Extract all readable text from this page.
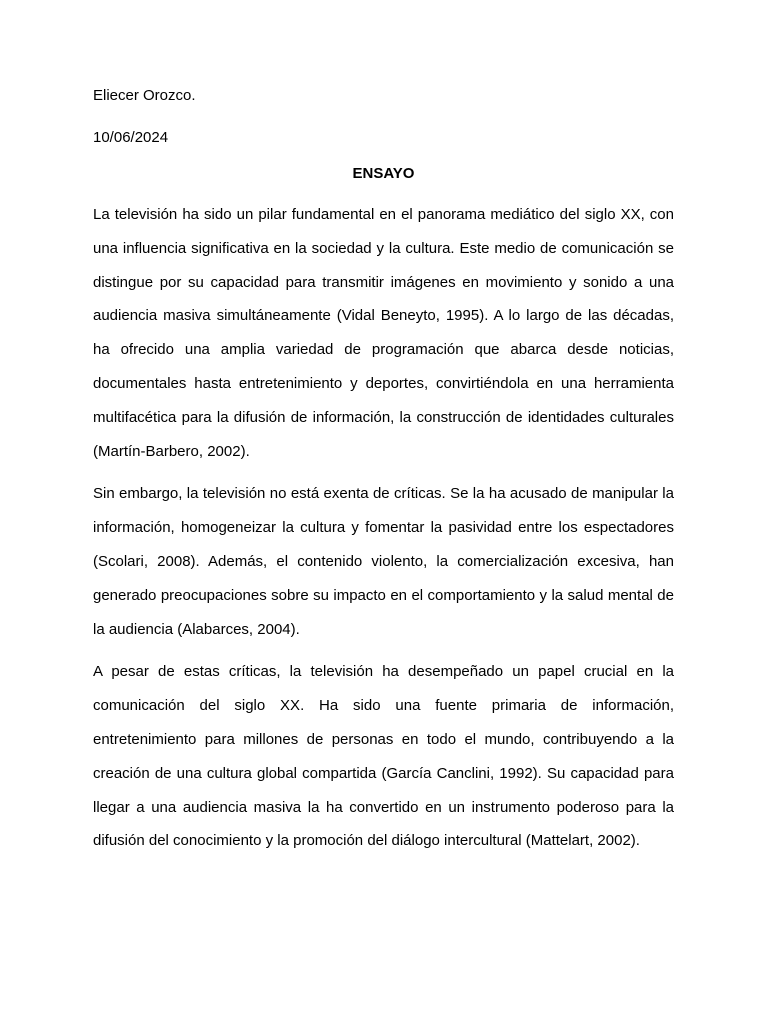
Eliecer Orozco.

10/06/2024

ENSAYO

La televisión ha sido un pilar fundamental en el panorama mediático del siglo XX, con una influencia significativa en la sociedad y la cultura. Este medio de comunicación se distingue por su capacidad para transmitir imágenes en movimiento y sonido a una audiencia masiva simultáneamente (Vidal Beneyto, 1995). A lo largo de las décadas, ha ofrecido una amplia variedad de programación que abarca desde noticias, documentales hasta entretenimiento y deportes, convirtiéndola en una herramienta multifacética para la difusión de información, la construcción de identidades culturales (Martín-Barbero, 2002).

Sin embargo, la televisión no está exenta de críticas. Se la ha acusado de manipular la información, homogeneizar la cultura y fomentar la pasividad entre los espectadores (Scolari, 2008). Además, el contenido violento, la comercialización excesiva, han generado preocupaciones sobre su impacto en el comportamiento y la salud mental de la audiencia (Alabarces, 2004).

A pesar de estas críticas, la televisión ha desempeñado un papel crucial en la comunicación del siglo XX. Ha sido una fuente primaria de información, entretenimiento para millones de personas en todo el mundo, contribuyendo a la creación de una cultura global compartida (García Canclini, 1992). Su capacidad para llegar a una audiencia masiva la ha convertido en un instrumento poderoso para la difusión del conocimiento y la promoción del diálogo intercultural (Mattelart, 2002).
